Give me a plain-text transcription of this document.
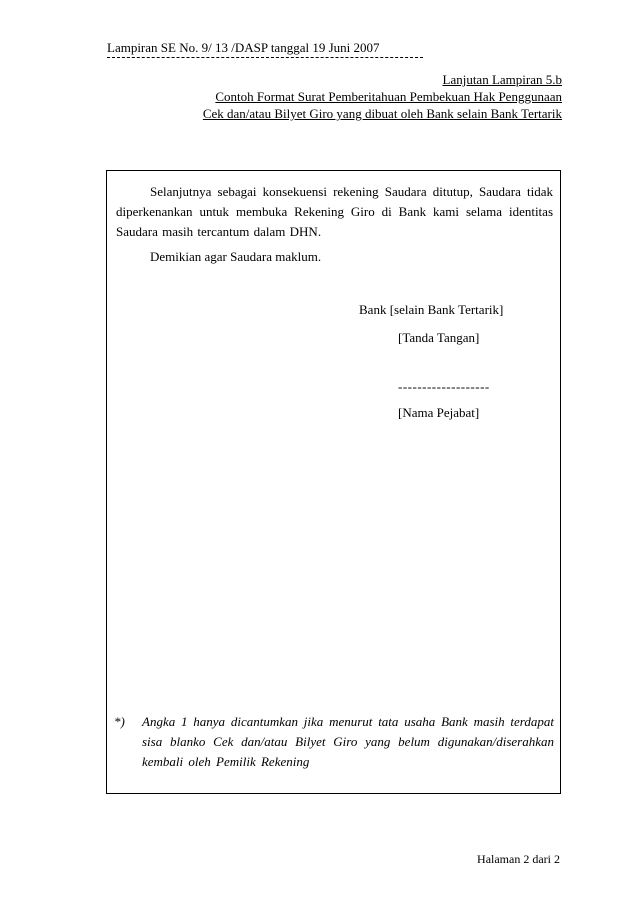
Lampiran SE No. 9/ 13 /DASP tanggal 19 Juni 2007
Lanjutan Lampiran 5.b
Contoh Format Surat Pemberitahuan Pembekuan Hak Penggunaan
Cek dan/atau Bilyet Giro yang dibuat oleh Bank selain Bank Tertarik

Selanjutnya sebagai konsekuensi rekening Saudara ditutup, Saudara tidak diperkenankan untuk membuka Rekening Giro di Bank kami selama identitas Saudara masih tercantum dalam DHN.

Demikian agar Saudara maklum.
Bank [selain Bank Tertarik]
[Tanda Tangan]
-------------------
[Nama Pejabat]
*) Angka 1 hanya dicantumkan jika menurut tata usaha Bank masih terdapat sisa blanko Cek dan/atau Bilyet Giro yang belum digunakan/diserahkan kembali oleh Pemilik Rekening

Halaman 2 dari 2
